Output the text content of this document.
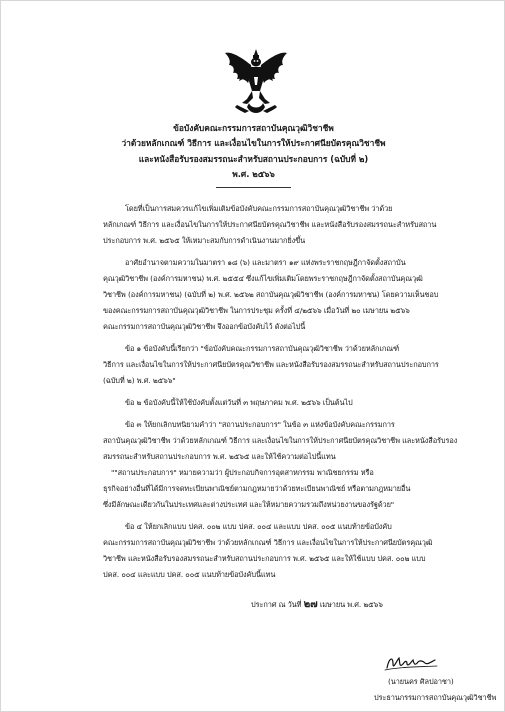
ข้อบังคับคณะกรรมการสถาบันคุณวุฒิวิชาชีพ
ว่าด้วยหลักเกณฑ์ วิธีการ และเงื่อนไขในการให้ประกาศนียบัตรคุณวิชาชีพ
และหนังสือรับรองสมรรถนะสำหรับสถานประกอบการ (ฉบับที่ ๒)
พ.ศ. ๒๕๖๖
โดยที่เป็นการสมควรแก้ไขเพิ่มเติมข้อบังคับคณะกรรมการสถาบันคุณวุฒิวิชาชีพ ว่าด้วย
หลักเกณฑ์ วิธีการ และเงื่อนไขในการให้ประกาศนียบัตรคุณวิชาชีพ และหนังสือรับรองสมรรถนะสำหรับสถาน
ประกอบการ พ.ศ. ๒๕๖๕ ให้เหมาะสมกับการดำเนินงานมากยิ่งขึ้น
อาศัยอำนาจตามความในมาตรา ๑๘ (๖) และมาตรา ๑๙ แห่งพระราชกฤษฎีกาจัดตั้งสถาบัน
คุณวุฒิวิชาชีพ (องค์การมหาชน) พ.ศ. ๒๕๕๔ ซึ่งแก้ไขเพิ่มเติมโดยพระราชกฤษฎีกาจัดตั้งสถาบันคุณวุฒิ
วิชาชีพ (องค์การมหาชน) (ฉบับที่ ๒) พ.ศ. ๒๕๖๒ สถาบันคุณวุฒิวิชาชีพ (องค์การมหาชน) โดยความเห็นชอบ
ของคณะกรรมการสถาบันคุณวุฒิวิชาชีพ ในการประชุม ครั้งที่ ๔/๒๕๖๖ เมื่อวันที่ ๒๐ เมษายน ๒๕๖๖
คณะกรรมการสถาบันคุณวุฒิวิชาชีพ จึงออกข้อบังคับไว้ ดังต่อไปนี้
ข้อ ๑ ข้อบังคับนี้เรียกว่า "ข้อบังคับคณะกรรมการสถาบันคุณวุฒิวิชาชีพ ว่าด้วยหลักเกณฑ์
วิธีการ และเงื่อนไขในการให้ประกาศนียบัตรคุณวิชาชีพ และหนังสือรับรองสมรรถนะสำหรับสถานประกอบการ
(ฉบับที่ ๒) พ.ศ. ๒๕๖๖"
ข้อ ๒ ข้อบังคับนี้ให้ใช้บังคับตั้งแต่วันที่ ๓ พฤษภาคม พ.ศ. ๒๕๖๖ เป็นต้นไป
ข้อ ๓ ให้ยกเลิกบทนิยามคำว่า "สถานประกอบการ" ในข้อ ๓ แห่งข้อบังคับคณะกรรมการ
สถาบันคุณวุฒิวิชาชีพ ว่าด้วยหลักเกณฑ์ วิธีการ และเงื่อนไขในการให้ประกาศนียบัตรคุณวิชาชีพ และหนังสือรับรอง
สมรรถนะสำหรับสถานประกอบการ พ.ศ. ๒๕๖๕ และให้ใช้ความต่อไปนี้แทน
""สถานประกอบการ" หมายความว่า ผู้ประกอบกิจการอุตสาหกรรม พาณิชยกรรม หรือ
ธุรกิจอย่างอื่นที่ได้มีการจดทะเบียนพาณิชย์ตามกฎหมายว่าด้วยทะเบียนพาณิชย์ หรือตามกฎหมายอื่น
ซึ่งมีลักษณะเดียวกันในประเทศและต่างประเทศ และให้หมายความรวมถึงหน่วยงานของรัฐด้วย"
ข้อ ๔ ให้ยกเลิกแบบ ปคส. ๐๐๒ แบบ ปคส. ๐๐๔ และแบบ ปคส. ๐๐๕ แนบท้ายข้อบังคับ
คณะกรรมการสถาบันคุณวุฒิวิชาชีพ ว่าด้วยหลักเกณฑ์ วิธีการ และเงื่อนไขในการให้ประกาศนียบัตรคุณวุฒิ
วิชาชีพ และหนังสือรับรองสมรรถนะสำหรับสถานประกอบการ พ.ศ. ๒๕๖๕ และให้ใช้แบบ ปคส. ๐๐๒ แบบ
ปคส. ๐๐๔ และแบบ ปคส. ๐๐๕ แนบท้ายข้อบังคับนี้แทน
ประกาศ ณ วันที่ ๒๗ เมษายน พ.ศ. ๒๕๖๖
(นายนคร ศิลปอาชา)
ประธานกรรมการสถาบันคุณวุฒิวิชาชีพ
